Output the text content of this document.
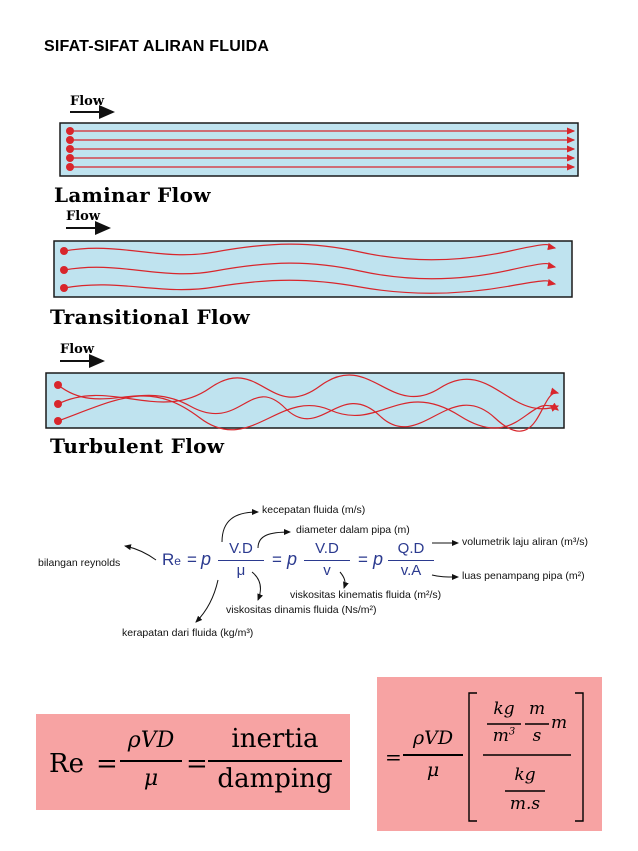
SIFAT-SIFAT ALIRAN FLUIDA
Flow
Laminar Flow
Flow
Transitional Flow
Flow
Turbulent Flow
kecepatan fluida (m/s)
diameter dalam pipa (m)
volumetrik laju aliran (m³/s)
luas penampang pipa (m²)
bilangan reynolds
viskositas kinematis fluida (m²/s)
viskositas dinamis fluida (Ns/m²)
kerapatan dari fluida (kg/m³)
Re = p
V.D
μ
= p
V.D
v
= p
Q.D
v.A
Re =
ρVD
μ	=
inertia
damping
=
ρVD
μ
kg
$m^3$
m
s
m
kg
m.s
